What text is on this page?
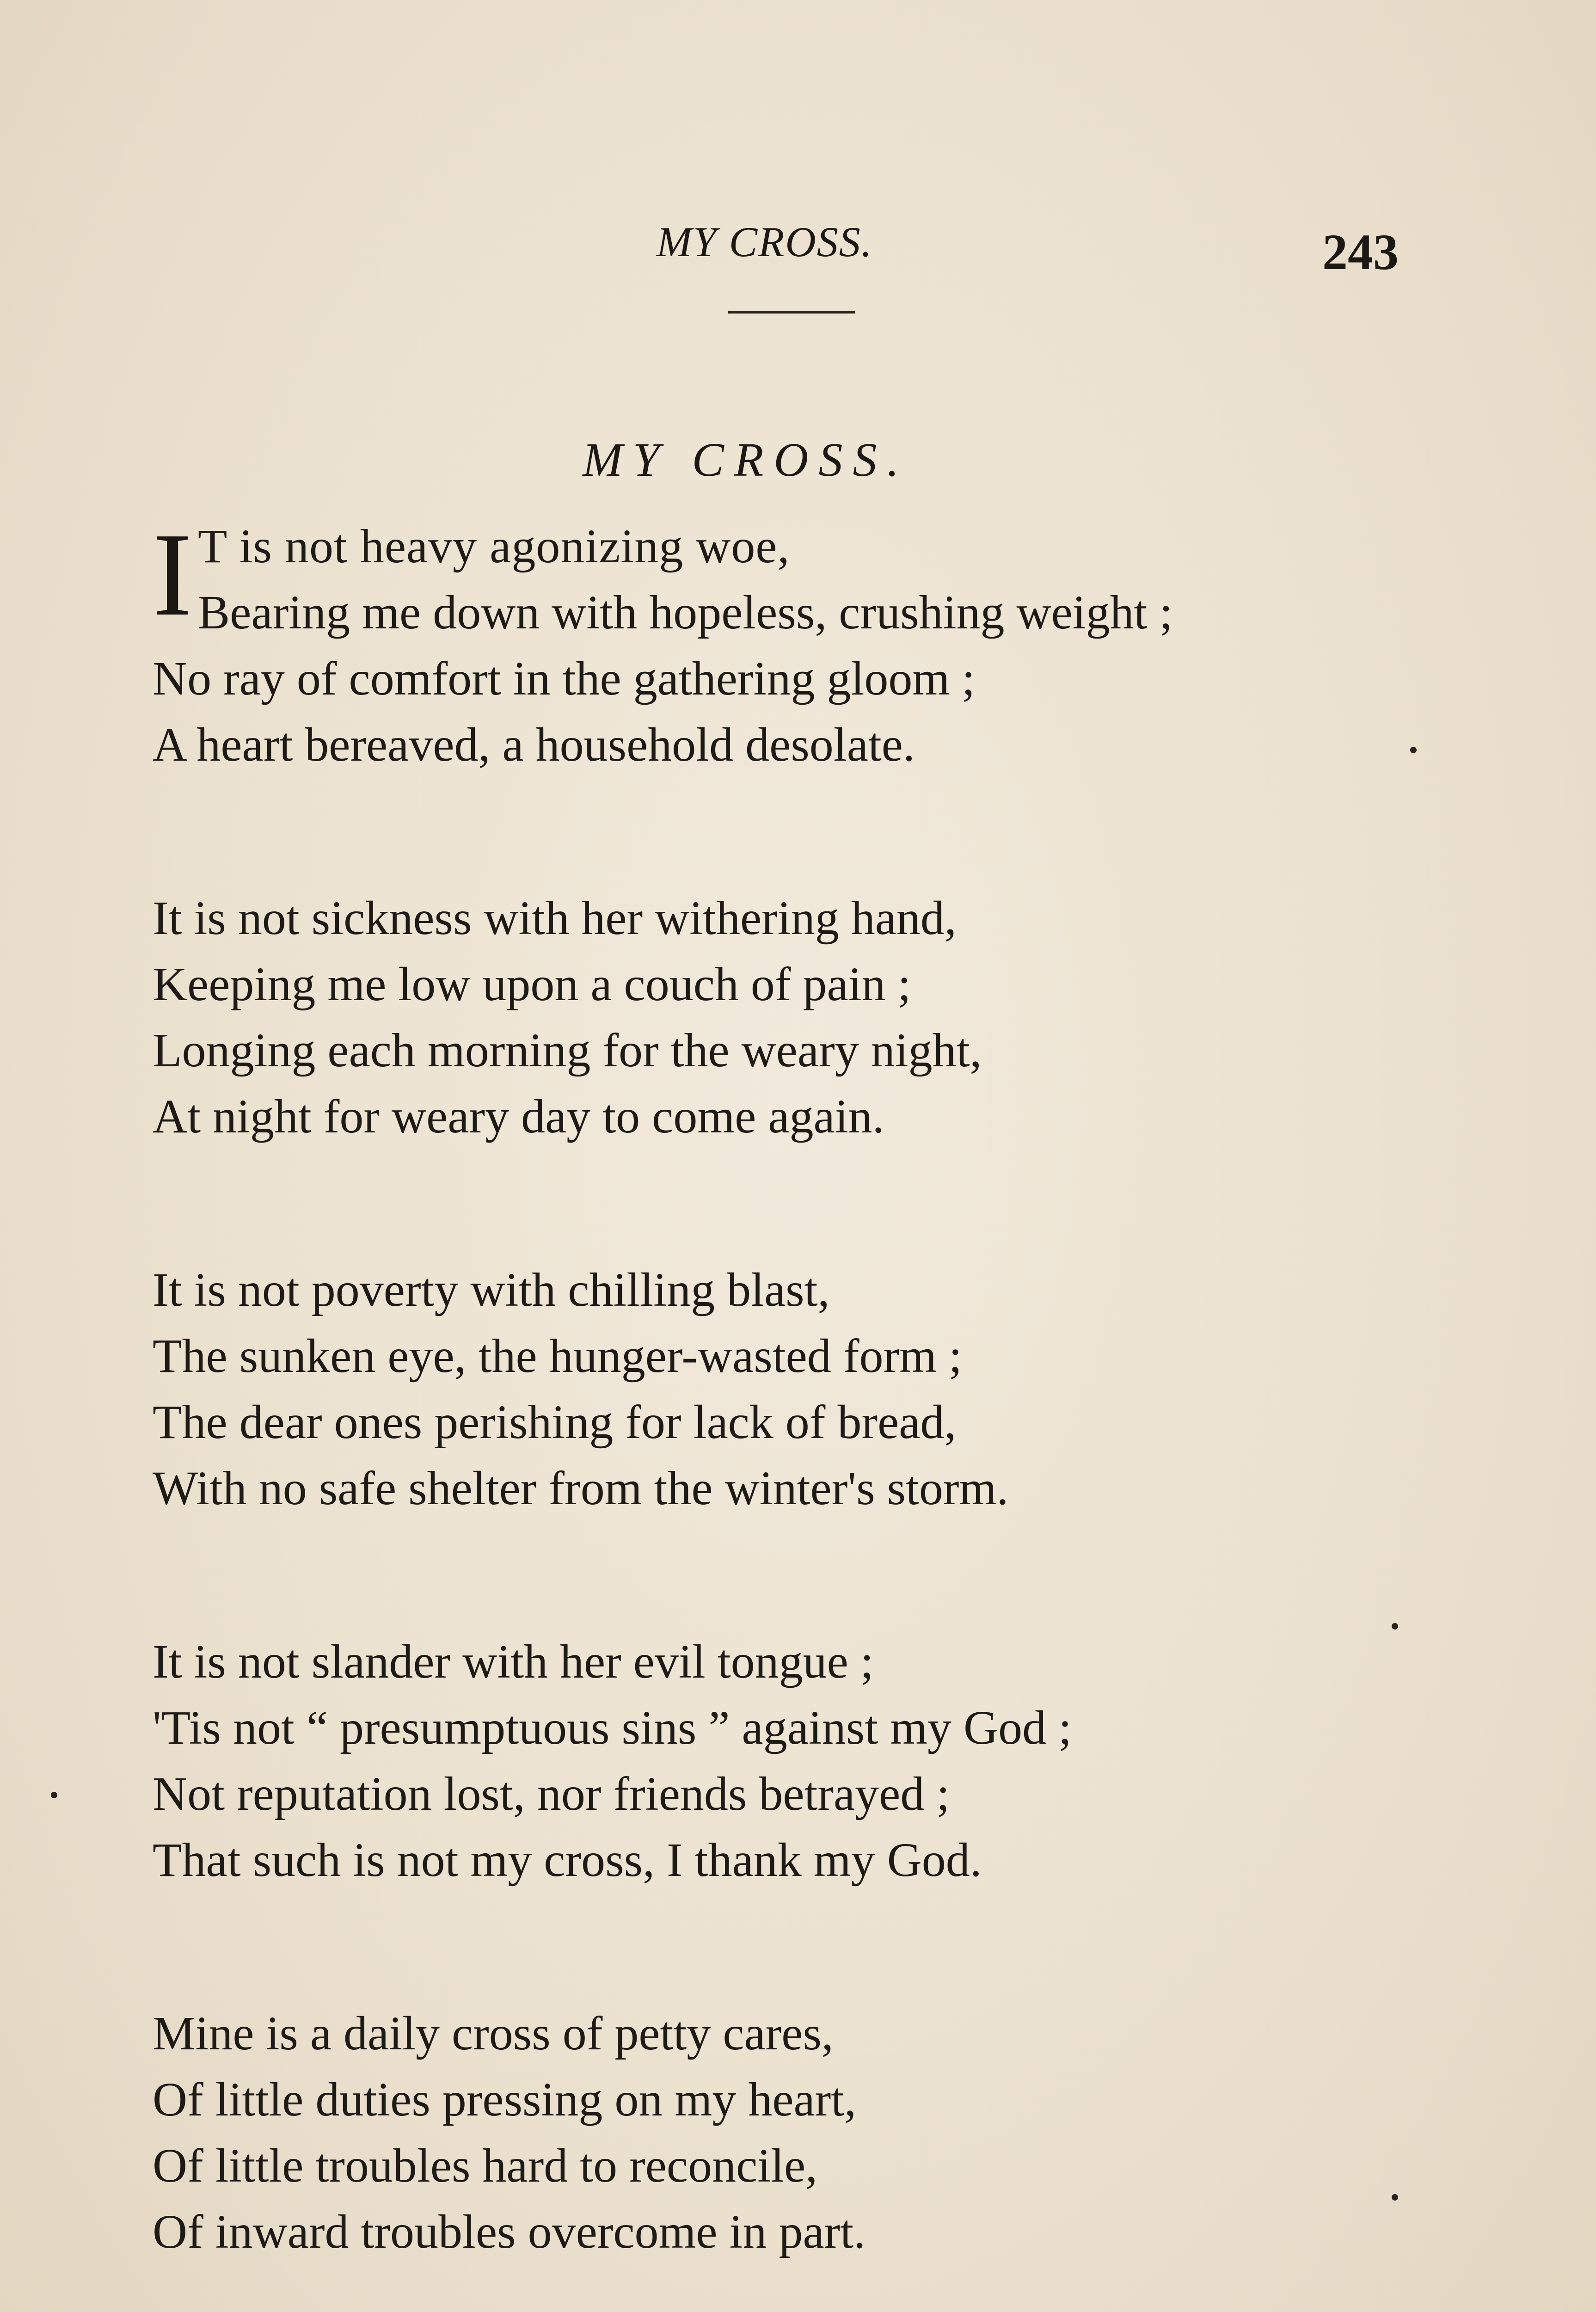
MY CROSS.	243
MY CROSS.
I T is not heavy agonizing woe,
Bearing me down with hopeless, crushing weight ;
No ray of comfort in the gathering gloom ;
A heart bereaved, a household desolate.
It is not sickness with her withering hand,
Keeping me low upon a couch of pain ;
Longing each morning for the weary night,
At night for weary day to come again.
It is not poverty with chilling blast,
The sunken eye, the hunger-wasted form ;
The dear ones perishing for lack of bread,
With no safe shelter from the winter's storm.
It is not slander with her evil tongue ;
'Tis not “ presumptuous sins ” against my God ;
Not reputation lost, nor friends betrayed ;
That such is not my cross, I thank my God.
Mine is a daily cross of petty cares,
Of little duties pressing on my heart,
Of little troubles hard to reconcile,
Of inward troubles overcome in part.
